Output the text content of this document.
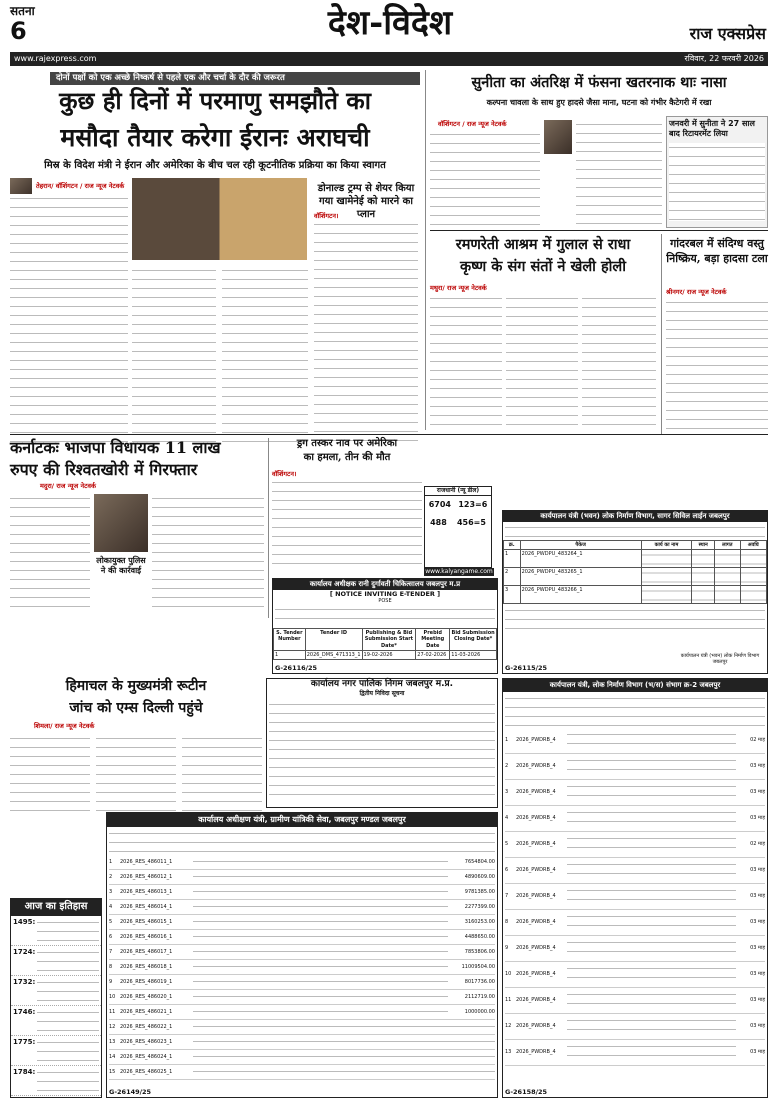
सतना
6	देश-विदेश	राज एक्सप्रेस
www.rajexpress.com	रविवार, 22 फरवरी 2026
दोनों पक्षों को एक अच्छे निष्कर्ष से पहले एक और चर्चा के दौर की जरूरत
कुछ ही दिनों में परमाणु समझौते का
मसौदा तैयार करेगा ईरानः अराघची
मिस्र के विदेश मंत्री ने ईरान और अमेरिका के बीच चल रही कूटनीतिक प्रक्रिया का किया स्वागत
तेहरान/ वॉशिंगटन / राज न्यूज नेटवर्क	डोनाल्ड ट्रम्प से शेयर किया गया खामेनेई को मारने का प्लान
वॉशिंगटन।
सुनीता का अंतरिक्ष में फंसना खतरनाक थाः नासा
कल्पना चावला के साथ हुए हादसे जैसा माना, घटना को गंभीर कैटेगरी में रखा
वॉशिंगटन / राज न्यूज नेटवर्क	जनवरी में सुनीता ने 27 साल बाद रिटायरमेंट लिया
रमणरेती आश्रम में गुलाल से राधा
कृष्ण के संग संतों ने खेली होली
मथुरा/ राज न्यूज नेटवर्क
गांदरबल में संदिग्ध वस्तु निष्क्रिय, बड़ा हादसा टला
श्रीनगर/ राज न्यूज नेटवर्क
कर्नाटकः भाजपा विधायक 11 लाख
रुपए की रिश्वतखोरी में गिरफ्तार
मदुरा/ राज न्यूज नेटवर्क
लोकायुक्त पुलिस ने की कार्रवाई
ड्रग तस्कर नाव पर अमेरिका
का हमला, तीन की मौत
वॉशिंगटन।
राजधानी (न्यू डील)
6704 123=6
488 456=5
www.kalyangame.com
कार्यालय अधीक्षक रानी दुर्गावती चिकित्सालय जबलपुर म.प्र
[ NOTICE INVITING E-TENDER ]
POSE
S. Tender Number	Tender ID	Publishing & Bid Submission Start Date*	Prebid Meeting Date	Bid Submission Closing Date*
1	2026_DMS_471313_1	19-02-2026	27-02-2026	11-03-2026
G-26116/25
कार्यपालन यंत्री (भवन) लोक निर्माण विभाग, सागर सिविल लाईन जबलपुर
क्र.	पैकेज	कार्य का नाम	स्थान	लागत	अवधि
1	2026_PWDPU_483264_1				
2	2026_PWDPU_483265_1				
3	2026_PWDPU_483266_1				
कार्यपालन यंत्री (भवन) लोक निर्माण विभाग जबलपुर
G-26115/25
हिमाचल के मुख्यमंत्री रूटीन
जांच को एम्स दिल्ली पहुंचे
शिमला/ राज न्यूज नेटवर्क
कार्यालय नगर पालिक निगम जबलपुर म.प्र.
द्वितीय निविदा सूचना
आज का इतिहास
1495:
1724:
1732:
1746:
1775:
1784:
कार्यालय अधीक्षण यंत्री, ग्रामीण यांत्रिकी सेवा, जबलपुर मण्डल जबलपुर
1	2026_RES_486011_1	7654804.00
2	2026_RES_486012_1	4890609.00
3	2026_RES_486013_1	9781385.00
4	2026_RES_486014_1	2277399.00
5	2026_RES_486015_1	3160253.00
6	2026_RES_486016_1	4488650.00
7	2026_RES_486017_1	7853806.00
8	2026_RES_486018_1	11009504.00
9	2026_RES_486019_1	8017736.00
10 2026_RES_486020_1	2112719.00
11 2026_RES_486021_1	1000000.00
12 2026_RES_486022_1
13 2026_RES_486023_1
14 2026_RES_486024_1
15 2026_RES_486025_1
G-26149/25
कार्यपालन यंत्री, लोक निर्माण विभाग (भ/स) संभाग क्र-2 जबलपुर
1	2026_PWDRB_4	02 माह
2	2026_PWDRB_4	03 माह
3	2026_PWDRB_4	03 माह
4	2026_PWDRB_4	03 माह
5	2026_PWDRB_4	02 माह
6	2026_PWDRB_4	03 माह
7	2026_PWDRB_4	03 माह
8	2026_PWDRB_4	03 माह
9	2026_PWDRB_4	03 माह
10 2026_PWDRB_4	03 माह
11 2026_PWDRB_4	03 माह
12 2026_PWDRB_4	03 माह
13 2026_PWDRB_4	03 माह
G-26158/25
